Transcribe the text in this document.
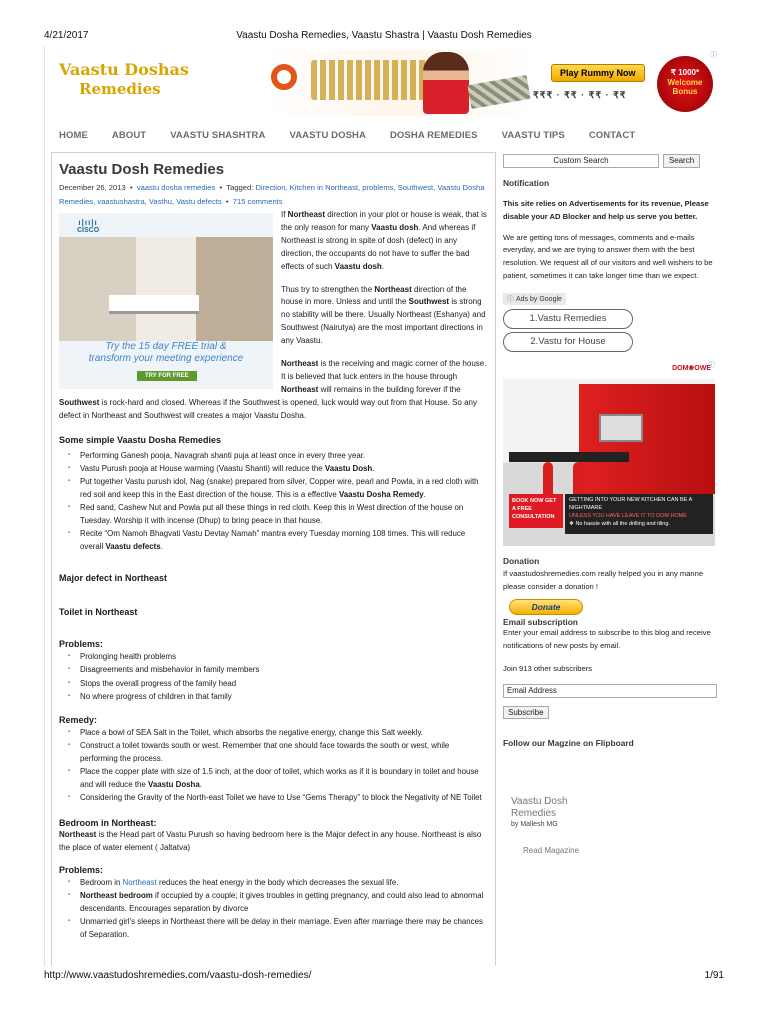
4/21/2017	Vaastu Dosha Remedies, Vaastu Shastra | Vaastu Dosh Remedies
Vaastu Doshas
Remedies
Play Rummy Now
₹₹₹ · ₹₹ · ₹₹ · ₹₹
₹ 1000*
Welcome Bonus
ⓘ
HOME	ABOUT	VAASTU SHASHTRA	VAASTU DOSHA	DOSHA REMEDIES	VAASTU TIPS	CONTACT
Vaastu Dosh Remedies
December 26, 2013  •  vaastu dosha remedies  •  Tagged: Direction, Kitchen in Northeast, problems, Southwest, Vaastu Dosha Remedies, vaastushastra, Vasthu, Vastu defects  •  715 comments
ı|ıı|ı
CISCO
Try the 15 day FREE trial &
transform your meeting experience
TRY FOR FREE

If Northeast direction in your plot or house is weak, that is the only reason for many Vaastu dosh. And whereas if Northeast is strong in spite of dosh (defect) in any direction, the occupants do not have to suffer the bad effects of such Vaastu dosh.

Thus try to strengthen the Northeast direction of the house in more. Unless and until the Southwest is strong no stability will be there. Usually Northeast (Eshanya) and Southwest (Nairutya) are the most important directions in any Vaastu.

Northeast is the receiving and magic corner of the house. It is believed that luck enters in the house through Northeast will remains in the building forever if the Southwest is rock-hard and closed. Whereas if the Southwest is opened, luck would way out from that House. So any defect in Northeast and Southwest will creates a major Vaastu Dosha.

Some simple Vaastu Dosha Remedies
▪ Performing Ganesh pooja, Navagrah shanti puja at least once in every three year.
▪ Vastu Purush pooja at House warming (Vaastu Shanti) will reduce the Vaastu Dosh.
▪ Put together Vastu purush idol, Nag (snake) prepared from silver, Copper wire, pearl and Powla, in a red cloth with red soil and keep this in the East direction of the house. This is a effective Vaastu Dosha Remedy.
▪ Red sand, Cashew Nut and Powla put all these things in red cloth. Keep this in West direction of the house on Tuesday. Worship it with incense (Dhup) to bring peace in that house.
▪ Recite “Om Namoh Bhagvati Vastu Devtay Namah” mantra every Tuesday morning 108 times. This will reduce overall Vaastu defects.
Major defect in Northeast
Toilet in Northeast
Problems:
▪ Prolonging health problems
▪ Disagreements and misbehavior in family members
▪ Stops the overall progress of the family head
▪ No where progress of children in that family
Remedy:
▪ Place a bowl of SEA Salt in the Toilet, which absorbs the negative energy, change this Salt weekly.
▪ Construct a toilet towards south or west. Remember that one should face towards the south or west, while performing the process.
▪ Place the copper plate with size of 1.5 inch, at the door of toilet, which works as if it is boundary in toilet and house and will reduce the Vaastu Dosha.
▪ Considering the Gravity of the North-east Toilet we have to Use “Gems Therapy” to block the Negativity of NE Toilet
Bedroom in Northeast:

Northeast is the Head part of Vastu Purush so having bedroom here is the Major defect in any house. Northeast is also the place of water element ( Jaltatva)

Problems:
▪ Bedroom in Northeast reduces the heat energy in the body which decreases the sexual life.
▪ Northeast bedroom if occupied by a couple; it gives troubles in getting pregnancy, and could also lead to abnormal descendants. Encourages separation by divorce
▪ Unmarried girl’s sleeps in Northeast there will be delay in their marriage. Even after marriage there may be chances of Separation.
Custom Search	Search
Notification
This site relies on Advertisements for its revenue, Please disable your AD Blocker and help us serve you better.
We are getting tons of messages, comments and e-mails everyday, and we are trying to answer them with the best resolution. We request all of our visitors and well wishers to be patient, sometimes it can take longer time than we expect.
ⓘ Ads by Google
1.Vastu Remedies
2.Vastu for House
DOM❀OWE
BOOK NOW GET A FREE CONSULTATION
GETTING INTO YOUR NEW KITCHEN CAN BE A NIGHTMARE
UNLESS YOU HAVE LEAVE IT TO DOM HOME
❖ No hassle with all the drilling and tiling.
ⓘ
Donation
If vaastudoshremedies.com really helped you in any manne please consider a donation !
Donate
Email subscription
Enter your email address to subscribe to this blog and receive notifications of new posts by email.
Join 913 other subscribers
Email Address
Subscribe
Follow our Magzine on Flipboard
Vaastu Dosh Remedies
by Mallesh MG
Read Magazine
http://www.vaastudoshremedies.com/vaastu-dosh-remedies/	1/91
